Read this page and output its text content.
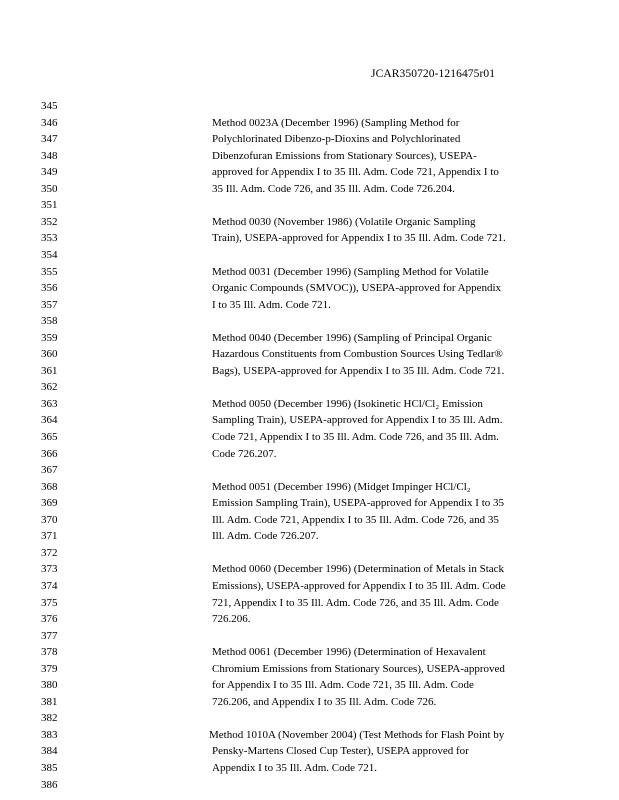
JCAR350720-1216475r01
345
346	Method 0023A (December 1996) (Sampling Method for
347	Polychlorinated Dibenzo-p-Dioxins and Polychlorinated
348	Dibenzofuran Emissions from Stationary Sources), USEPA-
349	approved for Appendix I to 35 Ill. Adm. Code 721, Appendix I to
350	35 Ill. Adm. Code 726, and 35 Ill. Adm. Code 726.204.
351
352	Method 0030 (November 1986) (Volatile Organic Sampling
353	Train), USEPA-approved for Appendix I to 35 Ill. Adm. Code 721.
354
355	Method 0031 (December 1996) (Sampling Method for Volatile
356	Organic Compounds (SMVOC)), USEPA-approved for Appendix
357	I to 35 Ill. Adm. Code 721.
358
359	Method 0040 (December 1996) (Sampling of Principal Organic
360	Hazardous Constituents from Combustion Sources Using Tedlar®
361	Bags), USEPA-approved for Appendix I to 35 Ill. Adm. Code 721.
362
363	Method 0050 (December 1996) (Isokinetic HCl/Cl₂ Emission
364	Sampling Train), USEPA-approved for Appendix I to 35 Ill. Adm.
365	Code 721, Appendix I to 35 Ill. Adm. Code 726, and 35 Ill. Adm.
366	Code 726.207.
367
368	Method 0051 (December 1996) (Midget Impinger HCl/Cl₂
369	Emission Sampling Train), USEPA-approved for Appendix I to 35
370	Ill. Adm. Code 721, Appendix I to 35 Ill. Adm. Code 726, and 35
371	Ill. Adm. Code 726.207.
372
373	Method 0060 (December 1996) (Determination of Metals in Stack
374	Emissions), USEPA-approved for Appendix I to 35 Ill. Adm. Code
375	721, Appendix I to 35 Ill. Adm. Code 726, and 35 Ill. Adm. Code
376	726.206.
377
378	Method 0061 (December 1996) (Determination of Hexavalent
379	Chromium Emissions from Stationary Sources), USEPA-approved
380	for Appendix I to 35 Ill. Adm. Code 721, 35 Ill. Adm. Code
381	726.206, and Appendix I to 35 Ill. Adm. Code 726.
382
383	Method 1010A (November 2004) (Test Methods for Flash Point by
384	Pensky-Martens Closed Cup Tester), USEPA approved for
385	Appendix I to 35 Ill. Adm. Code 721.
386
